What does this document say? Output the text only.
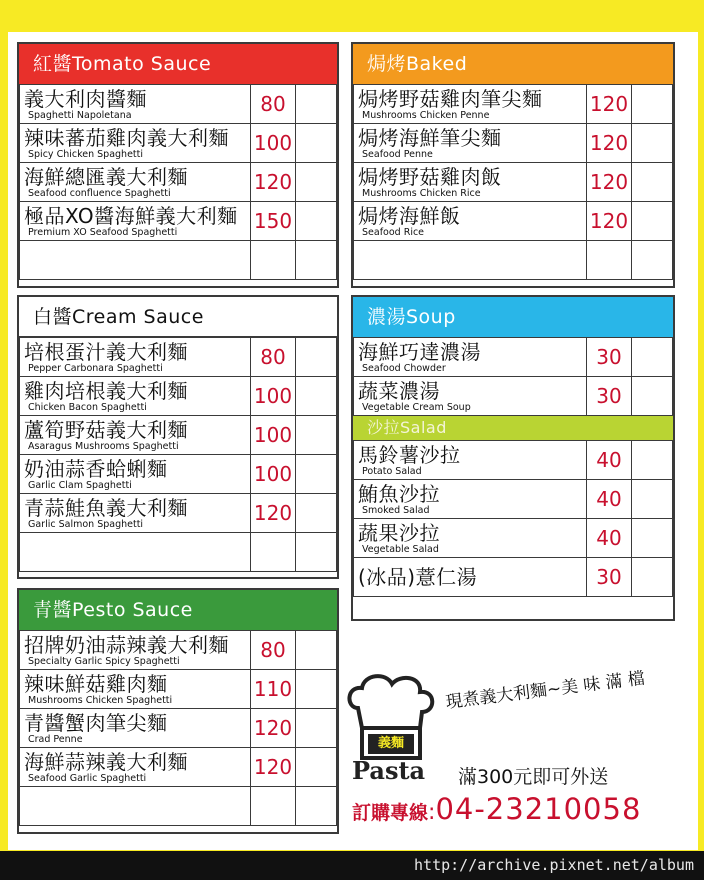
紅醬Tomato Sauce
義大利肉醬麵
Spaghetti Napoletana	80	

辣味蕃茄雞肉義大利麵
Spicy Chicken Spaghetti	100	

海鮮總匯義大利麵
Seafood confluence Spaghetti	120	

極品XO醬海鮮義大利麵
Premium XO Seafood Spaghetti	150	

白醬Cream Sauce
培根蛋汁義大利麵
Pepper Carbonara Spaghetti	80	

雞肉培根義大利麵
Chicken Bacon Spaghetti	100	

蘆筍野菇義大利麵
Asaragus Mushrooms Spaghetti	100	

奶油蒜香蛤蜊麵
Garlic Clam Spaghetti	100	

青蒜鮭魚義大利麵
Garlic Salmon Spaghetti	120	

青醬Pesto Sauce
招牌奶油蒜辣義大利麵
Specialty Garlic Spicy Spaghetti	80	

辣味鮮菇雞肉麵
Mushrooms Chicken Spaghetti	110	

青醬蟹肉筆尖麵
Crad Penne	120	

海鮮蒜辣義大利麵
Seafood Garlic Spaghetti	120	

焗烤Baked
焗烤野菇雞肉筆尖麵
Mushrooms Chicken Penne	120	

焗烤海鮮筆尖麵
Seafood Penne	120	

焗烤野菇雞肉飯
Mushrooms Chicken Rice	120	

焗烤海鮮飯
Seafood Rice	120	

濃湯Soup
海鮮巧達濃湯
Seafood Chowder	30	

蔬菜濃湯
Vegetable Cream Soup	30	
沙拉Salad
馬鈴薯沙拉
Potato Salad	40	

鮪魚沙拉
Smoked Salad	40	

蔬果沙拉
Vegetable Salad	40	

(冰品)薏仁湯	30	
義麵
Pasta
現煮義大利麵~美 味 滿 檔
滿300元即可外送
訂購專線:04-23210058
http://archive.pixnet.net/album
